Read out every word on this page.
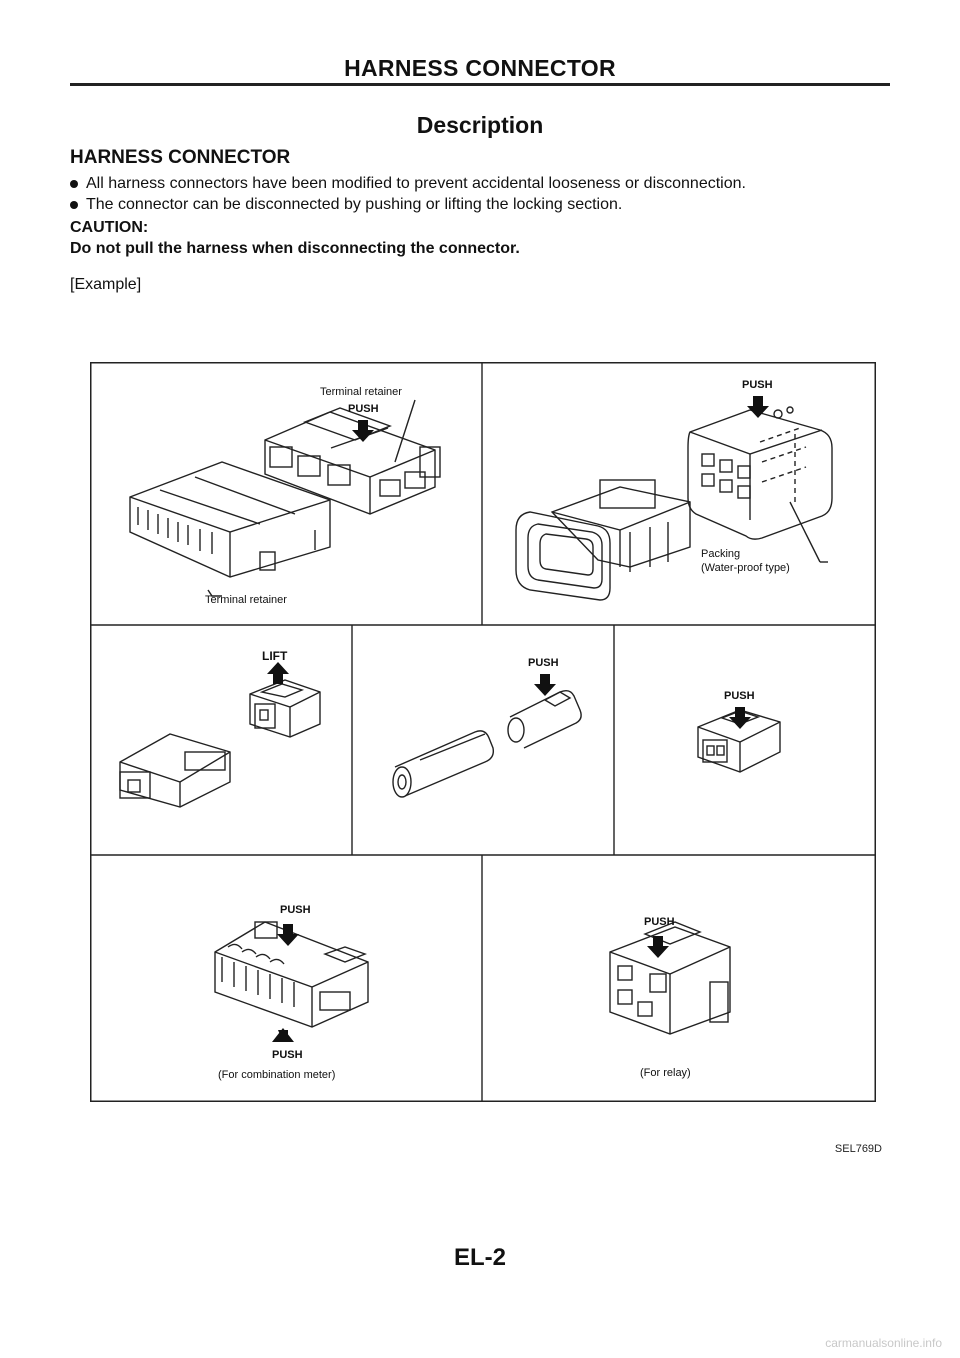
HARNESS CONNECTOR
Description
HARNESS CONNECTOR
All harness connectors have been modified to prevent accidental looseness or disconnection.
The connector can be disconnected by pushing or lifting the locking section.
CAUTION:
Do not pull the harness when disconnecting the connector.
[Example]
Terminal retainer
PUSH
Terminal retainer
PUSH
Packing
(Water-proof type)
LIFT	PUSH
PUSH
PUSH
PUSH
(For combination meter)
PUSH
(For relay)
SEL769D
EL-2
carmanualsonline.info
